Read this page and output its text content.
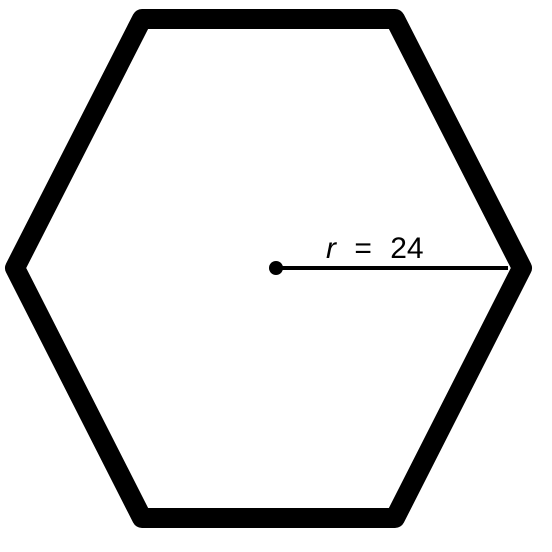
r = 24
